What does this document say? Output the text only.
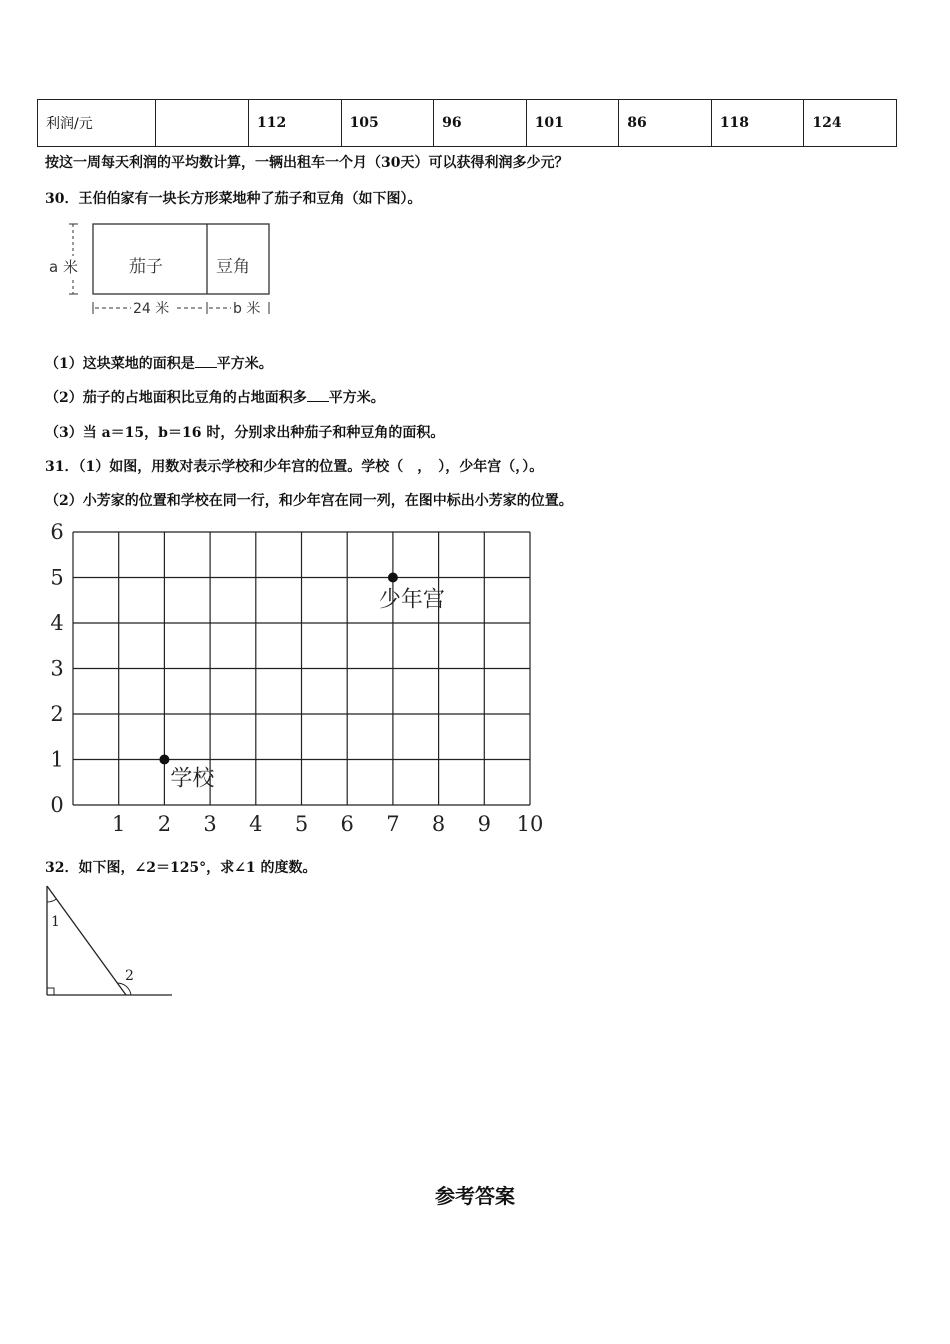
利润/元		112	105	96	101	86	118	124
按这一周每天利润的平均数计算，一辆出租车一个月（30天）可以获得利润多少元？
30．王伯伯家有一块长方形菜地种了茄子和豆角（如下图）。
a 米	茄子	豆角
24 米	b 米
（1）这块菜地的面积是 平方米。
（2）茄子的占地面积比豆角的占地面积多 平方米。
（3）当 a＝15，b＝16 时，分别求出种茄子和种豆角的面积。
31．（1）如图，用数对表示学校和少年宫的位置。学校（　，　），少年宫（，）。
（2）小芳家的位置和学校在同一行，和少年宫在同一列，在图中标出小芳家的位置。
1 2 3 4 5 6 7 8 9 10
0
1
2
3
4
5
6
学校
少年宫
32．如下图，∠2＝125°，求∠1 的度数。
1
2
参考答案
